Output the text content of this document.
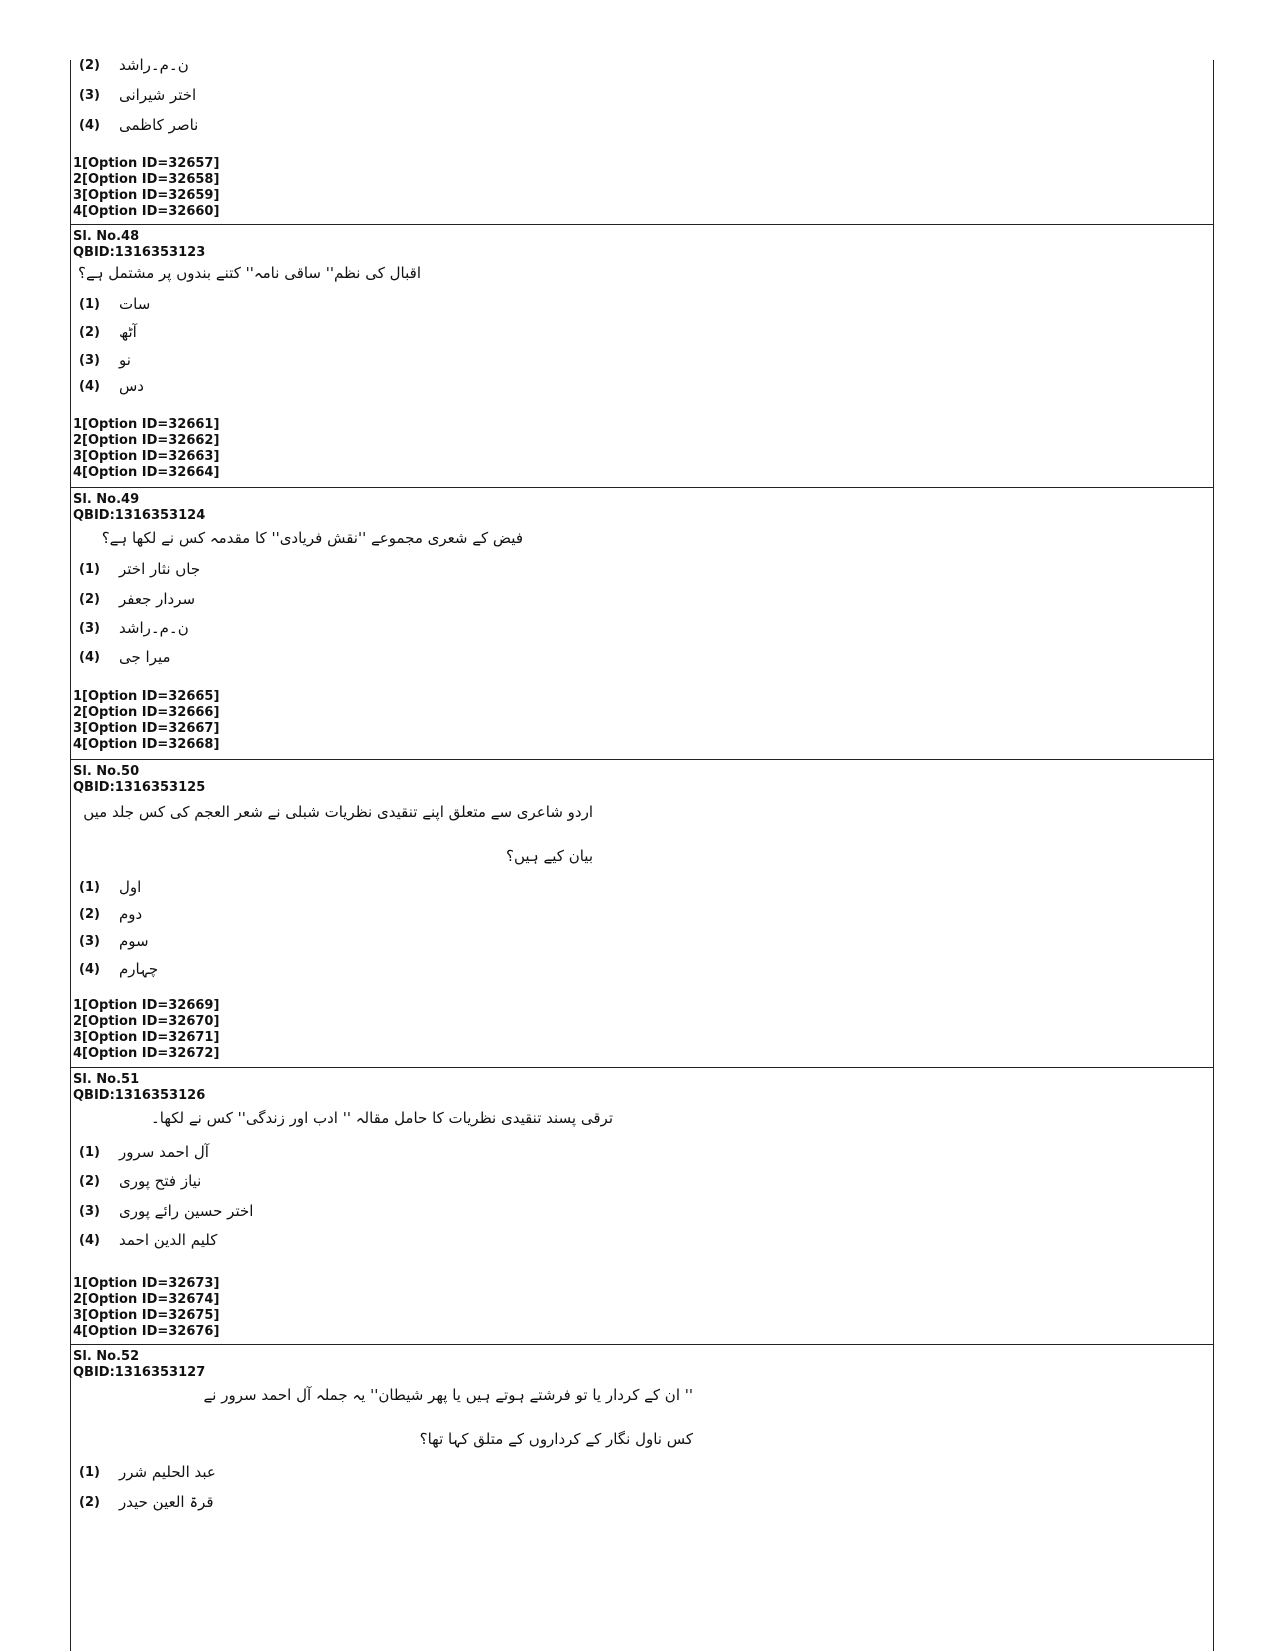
(2) ن۔م۔راشد
(3) اختر شیرانی
(4) ناصر کاظمی
1[Option ID=32657]
2[Option ID=32658]
3[Option ID=32659]
4[Option ID=32660]
Sl. No.48
QBID:1316353123
اقبال کی نظم'' ساقی نامہ'' کتنے بندوں پر مشتمل ہے؟
(1) سات
(2) آٹھ
(3) نو
(4) دس
1[Option ID=32661]
2[Option ID=32662]
3[Option ID=32663]
4[Option ID=32664]
Sl. No.49
QBID:1316353124
فیض کے شعری مجموعے ''نقش فریادی'' کا مقدمہ کس نے لکھا ہے؟
(1) جاں نثار اختر
(2) سردار جعفر
(3) ن۔م۔راشد
(4) میرا جی
1[Option ID=32665]
2[Option ID=32666]
3[Option ID=32667]
4[Option ID=32668]
Sl. No.50
QBID:1316353125
اردو شاعری سے متعلق اپنے تنقیدی نظریات شبلی نے شعر العجم کی کس جلد میں
بیان کیے ہیں؟
(1) اول
(2) دوم
(3) سوم
(4) چہارم
1[Option ID=32669]
2[Option ID=32670]
3[Option ID=32671]
4[Option ID=32672]
Sl. No.51
QBID:1316353126
ترقی پسند تنقیدی نظریات کا حامل مقالہ '' ادب اور زندگی'' کس نے لکھا۔
(1) آل احمد سرور
(2) نیاز فتح پوری
(3) اختر حسین رائے پوری
(4) کلیم الدین احمد
1[Option ID=32673]
2[Option ID=32674]
3[Option ID=32675]
4[Option ID=32676]
Sl. No.52
QBID:1316353127
'' ان کے کردار یا تو فرشتے ہوتے ہیں یا پھر شیطان'' یہ جملہ آل احمد سرور نے
کس ناول نگار کے کرداروں کے متلق کہا تھا؟
(1) عبد الحلیم شرر
(2) قرۃ العین حیدر
